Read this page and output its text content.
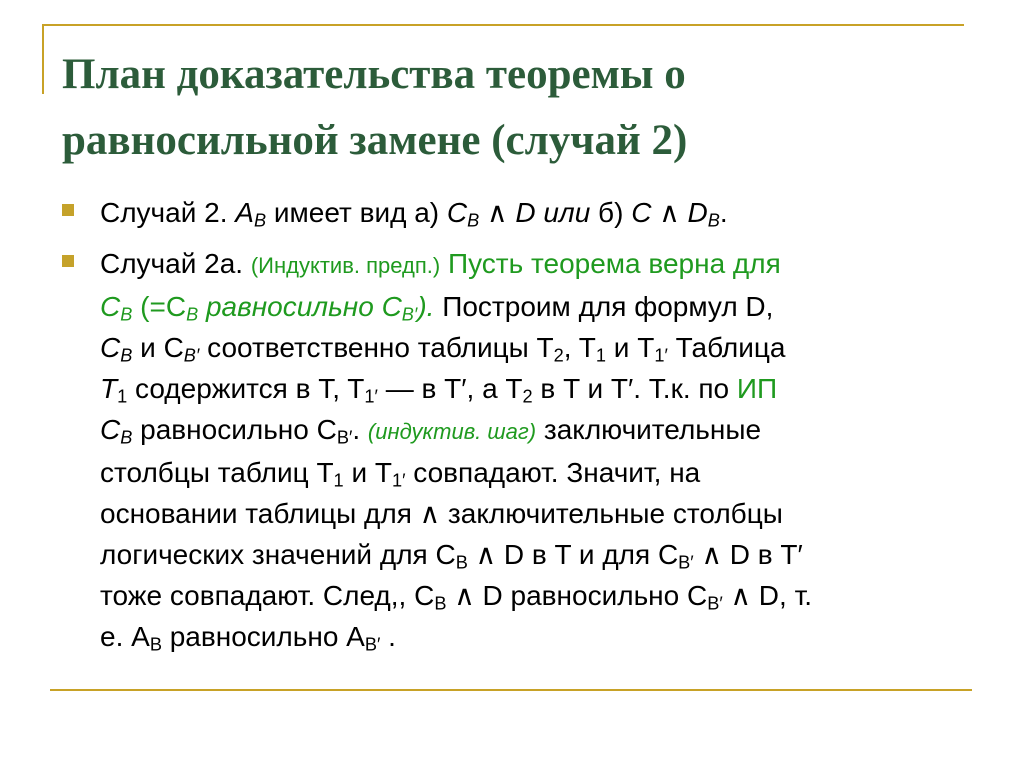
План доказательства теоремы о
равносильной замене (случай 2)
Случай 2. $A_B$ имеет вид а) $C_B$ ∧ D или б) C ∧ $D_B$.
Случай 2а. (Индуктив. предп.) Пусть теорема верна для
$C_B$ ($=C_B$ равносильно $C_{B'}$). Построим для формул D,
$C_B$ и $C_{B'}$ соответственно таблицы $T_2$, $T_1$ и $T_{1'}$ Таблица
$T_1$ содержится в T, $T_{1'}$ — в T′, а $T_2$ в T и T′. Т.к. по ИП
$C_B$ равносильно $C_{B'}$. (индуктив. шаг) заключительные
столбцы таблиц $T_1$ и $T_{1'}$ совпадают. Значит, на
основании таблицы для ∧ заключительные столбцы
логических значений для $C_B$ ∧ D в T и для $C_{B'}$ ∧ D в T′
тоже совпадают. След,, $C_B$ ∧ D равносильно $C_{B'}$ ∧ D, т.
е. $A_B$ равносильно $A_{B'}$ .
